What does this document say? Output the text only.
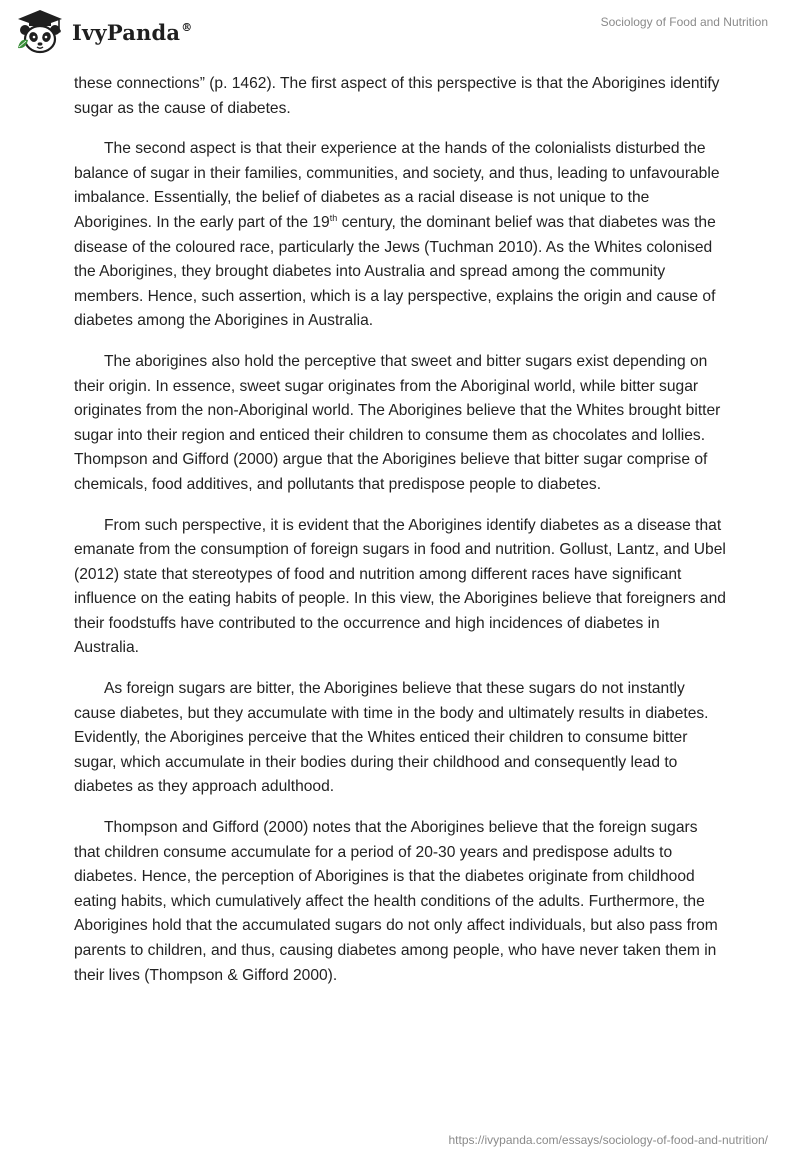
IvyPanda®	Sociology of Food and Nutrition

these connections” (p. 1462). The first aspect of this perspective is that the Aborigines identify sugar as the cause of diabetes.

The second aspect is that their experience at the hands of the colonialists disturbed the balance of sugar in their families, communities, and society, and thus, leading to unfavourable imbalance. Essentially, the belief of diabetes as a racial disease is not unique to the Aborigines. In the early part of the 19th century, the dominant belief was that diabetes was the disease of the coloured race, particularly the Jews (Tuchman 2010). As the Whites colonised the Aborigines, they brought diabetes into Australia and spread among the community members. Hence, such assertion, which is a lay perspective, explains the origin and cause of diabetes among the Aborigines in Australia.

The aborigines also hold the perceptive that sweet and bitter sugars exist depending on their origin. In essence, sweet sugar originates from the Aboriginal world, while bitter sugar originates from the non-Aboriginal world. The Aborigines believe that the Whites brought bitter sugar into their region and enticed their children to consume them as chocolates and lollies. Thompson and Gifford (2000) argue that the Aborigines believe that bitter sugar comprise of chemicals, food additives, and pollutants that predispose people to diabetes.

From such perspective, it is evident that the Aborigines identify diabetes as a disease that emanate from the consumption of foreign sugars in food and nutrition. Gollust, Lantz, and Ubel (2012) state that stereotypes of food and nutrition among different races have significant influence on the eating habits of people. In this view, the Aborigines believe that foreigners and their foodstuffs have contributed to the occurrence and high incidences of diabetes in Australia.

As foreign sugars are bitter, the Aborigines believe that these sugars do not instantly cause diabetes, but they accumulate with time in the body and ultimately results in diabetes. Evidently, the Aborigines perceive that the Whites enticed their children to consume bitter sugar, which accumulate in their bodies during their childhood and consequently lead to diabetes as they approach adulthood.

Thompson and Gifford (2000) notes that the Aborigines believe that the foreign sugars that children consume accumulate for a period of 20-30 years and predispose adults to diabetes. Hence, the perception of Aborigines is that the diabetes originate from childhood eating habits, which cumulatively affect the health conditions of the adults. Furthermore, the Aborigines hold that the accumulated sugars do not only affect individuals, but also pass from parents to children, and thus, causing diabetes among people, who have never taken them in their lives (Thompson & Gifford 2000).

https://ivypanda.com/essays/sociology-of-food-and-nutrition/
